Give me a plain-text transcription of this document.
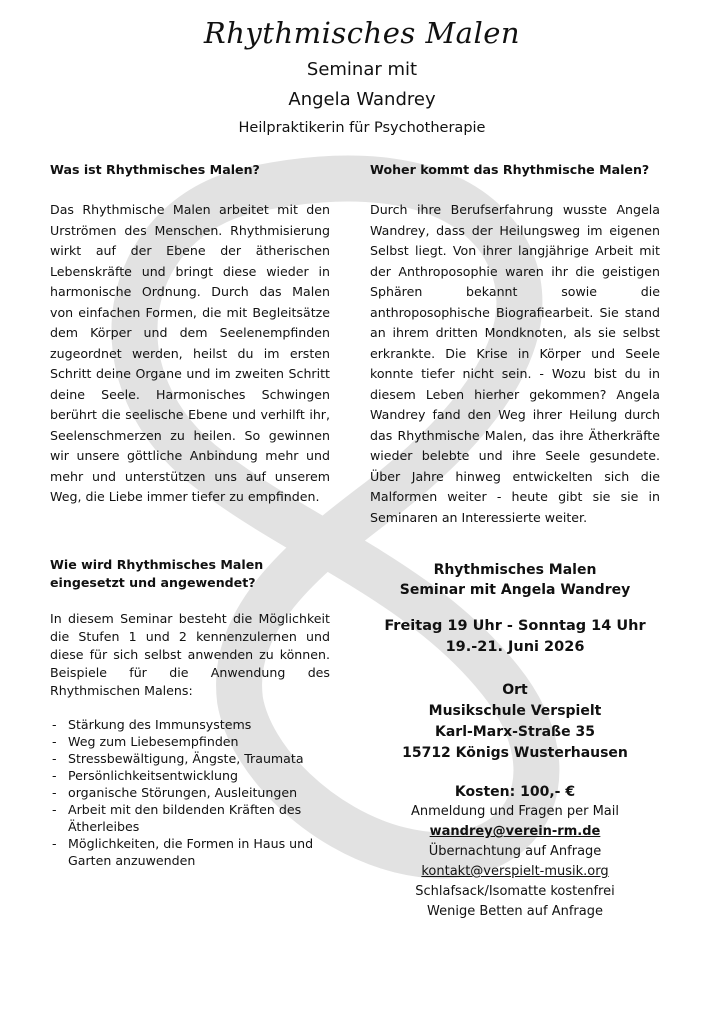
Rhythmisches Malen
Seminar mit
Angela Wandrey
Heilpraktikerin für Psychotherapie
Was ist Rhythmisches Malen?

Das Rhythmische Malen arbeitet mit den Urströmen des Menschen. Rhythmisierung wirkt auf der Ebene der ätherischen Lebenskräfte und bringt diese wieder in harmonische Ordnung. Durch das Malen von einfachen Formen, die mit Begleitsätze dem Körper und dem Seelenempfinden zugeordnet werden, heilst du im ersten Schritt deine Organe und im zweiten Schritt deine Seele. Harmonisches Schwingen berührt die seelische Ebene und verhilft ihr, Seelenschmerzen zu heilen. So gewinnen wir unsere göttliche Anbindung mehr und mehr und unterstützen uns auf unserem Weg, die Liebe immer tiefer zu empfinden.

Woher kommt das Rhythmische Malen?

Durch ihre Berufserfahrung wusste Angela Wandrey, dass der Heilungsweg im eigenen Selbst liegt. Von ihrer langjährige Arbeit mit der Anthroposophie waren ihr die geistigen Sphären bekannt sowie die anthroposophische Biografiearbeit. Sie stand an ihrem dritten Mondknoten, als sie selbst erkrankte. Die Krise in Körper und Seele konnte tiefer nicht sein. - Wozu bist du in diesem Leben hierher gekommen? Angela Wandrey fand den Weg ihrer Heilung durch das Rhythmische Malen, das ihre Ätherkräfte wieder belebte und ihre Seele gesundete. Über Jahre hinweg entwickelten sich die Malformen weiter - heute gibt sie sie in Seminaren an Interessierte weiter.

Wie wird Rhythmisches Malen eingesetzt und angewendet?

In diesem Seminar besteht die Möglichkeit die Stufen 1 und 2 kennenzulernen und diese für sich selbst anwenden zu können. Beispiele für die Anwendung des Rhythmischen Malens:

- Stärkung des Immunsystems
- Weg zum Liebesempfinden
- Stressbewältigung, Ängste, Traumata
- Persönlichkeitsentwicklung
- organische Störungen, Ausleitungen
- Arbeit mit den bildenden Kräften des Ätherleibes
- Möglichkeiten, die Formen in Haus und Garten anzuwenden
Rhythmisches Malen
Seminar mit Angela Wandrey
Freitag 19 Uhr - Sonntag 14 Uhr
19.-21. Juni 2026
Ort
Musikschule Verspielt
Karl-Marx-Straße 35
15712 Königs Wusterhausen
Kosten: 100,- €
Anmeldung und Fragen per Mail
wandrey@verein-rm.de
Übernachtung auf Anfrage
kontakt@verspielt-musik.org
Schlafsack/Isomatte kostenfrei
Wenige Betten auf Anfrage
